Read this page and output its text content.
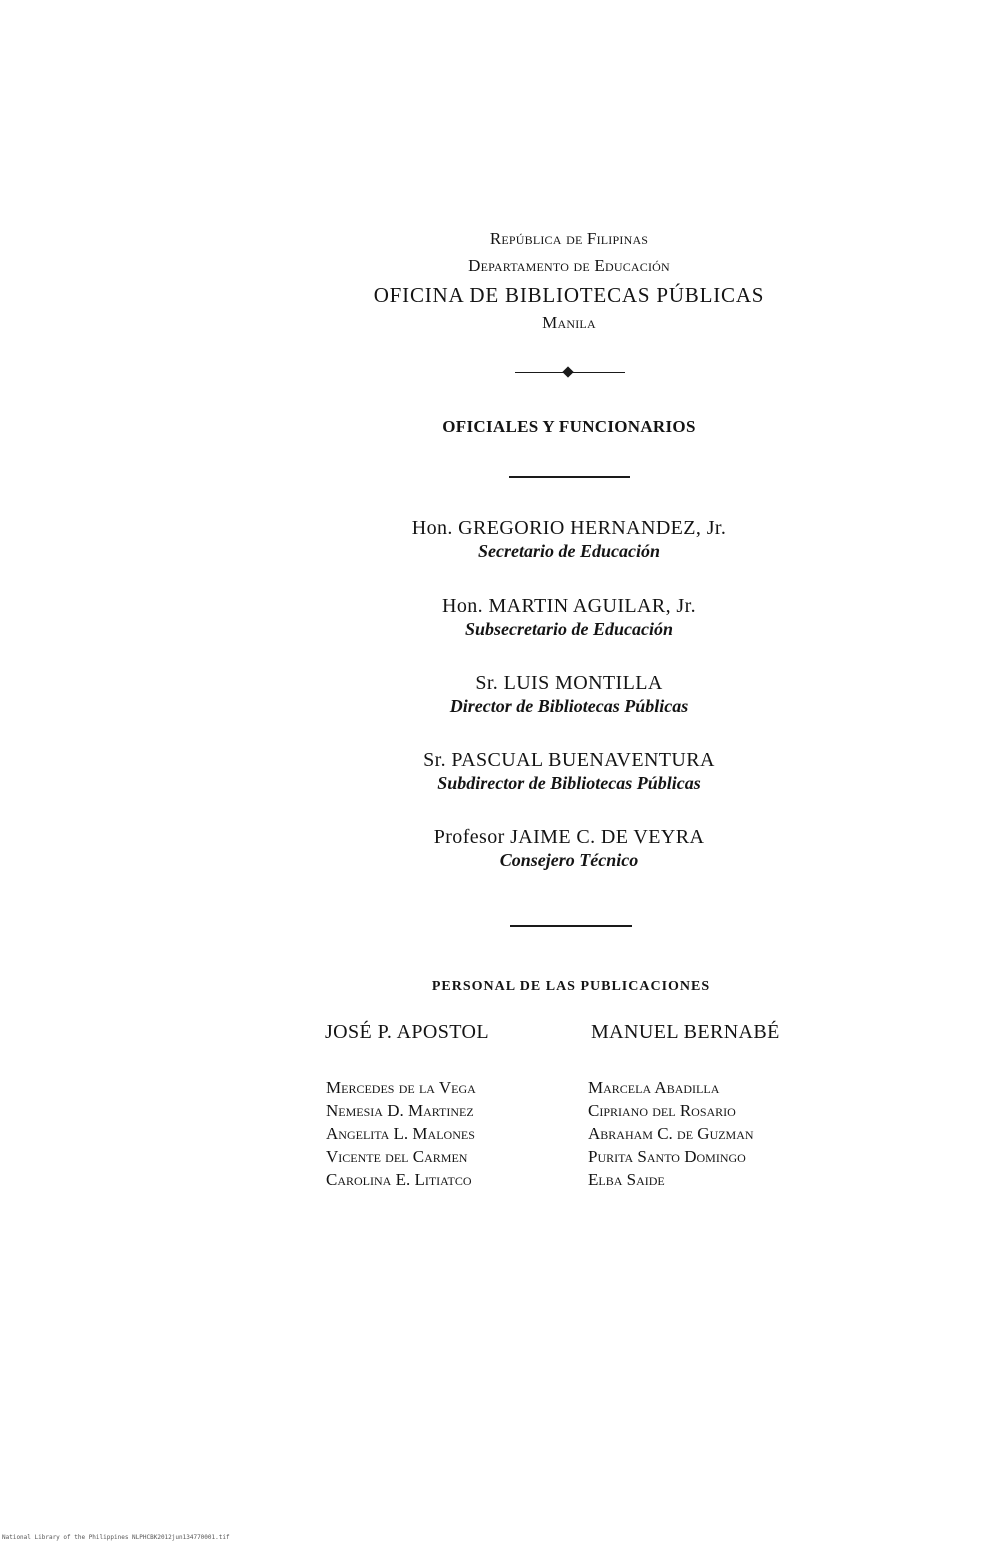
República de Filipinas
Departamento de Educación
OFICINA DE BIBLIOTECAS PÚBLICAS
Manila
OFICIALES Y FUNCIONARIOS
Hon. GREGORIO HERNANDEZ, Jr.
Secretario de Educación
Hon. MARTIN AGUILAR, Jr.
Subsecretario de Educación
Sr. LUIS MONTILLA
Director de Bibliotecas Públicas
Sr. PASCUAL BUENAVENTURA
Subdirector de Bibliotecas Públicas
Profesor JAIME C. DE VEYRA
Consejero Técnico
PERSONAL DE LAS PUBLICACIONES
JOSÉ P. APOSTOL	MANUEL BERNABÉ
Mercedes de la Vega
Nemesia D. Martinez
Angelita L. Malones
Vicente del Carmen
Carolina E. Litiatco
Marcela Abadilla
Cipriano del Rosario
Abraham C. de Guzman
Purita Santo Domingo
Elba Saide
National Library of the Philippines NLPHCBK2012jun134770001.tif
